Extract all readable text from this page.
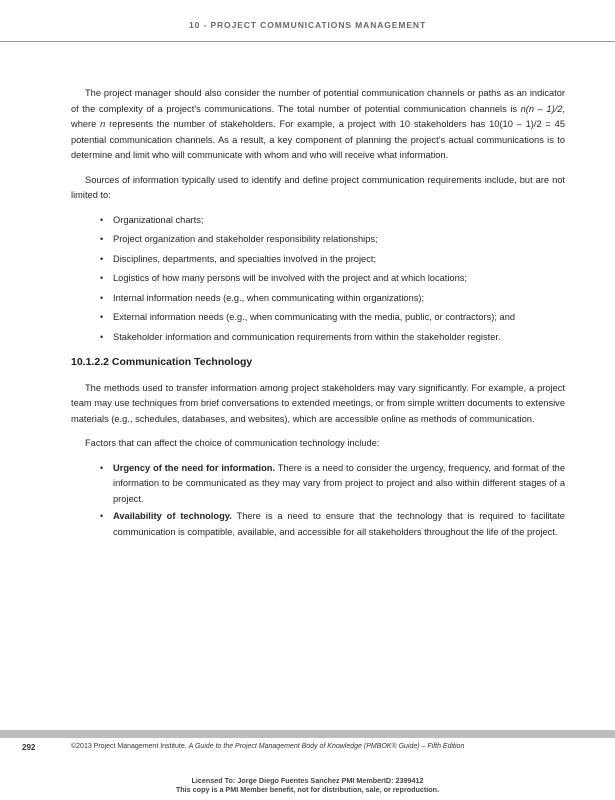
10 - PROJECT COMMUNICATIONS MANAGEMENT

The project manager should also consider the number of potential communication channels or paths as an indicator of the complexity of a project’s communications. The total number of potential communication channels is n(n – 1)/2, where n represents the number of stakeholders. For example, a project with 10 stakeholders has 10(10 – 1)/2 = 45 potential communication channels. As a result, a key component of planning the project’s actual communications is to determine and limit who will communicate with whom and who will receive what information.

Sources of information typically used to identify and define project communication requirements include, but are not limited to:

• Organizational charts;
• Project organization and stakeholder responsibility relationships;
• Disciplines, departments, and specialties involved in the project;
• Logistics of how many persons will be involved with the project and at which locations;
• Internal information needs (e.g., when communicating within organizations);
• External information needs (e.g., when communicating with the media, public, or contractors); and
• Stakeholder information and communication requirements from within the stakeholder register.
10.1.2.2 Communication Technology

The methods used to transfer information among project stakeholders may vary significantly. For example, a project team may use techniques from brief conversations to extended meetings, or from simple written documents to extensive materials (e.g., schedules, databases, and websites), which are accessible online as methods of communication.

Factors that can affect the choice of communication technology include:

• Urgency of the need for information. There is a need to consider the urgency, frequency, and format of the information to be communicated as they may vary from project to project and also within different stages of a project.
• Availability of technology. There is a need to ensure that the technology that is required to facilitate communication is compatible, available, and accessible for all stakeholders throughout the life of the project.
292	©2013 Project Management Institute. A Guide to the Project Management Body of Knowledge (PMBOK® Guide) – Fifth Edition
Licensed To: Jorge Diego Fuentes Sanchez PMI MemberID: 2399412
This copy is a PMI Member benefit, not for distribution, sale, or reproduction.
